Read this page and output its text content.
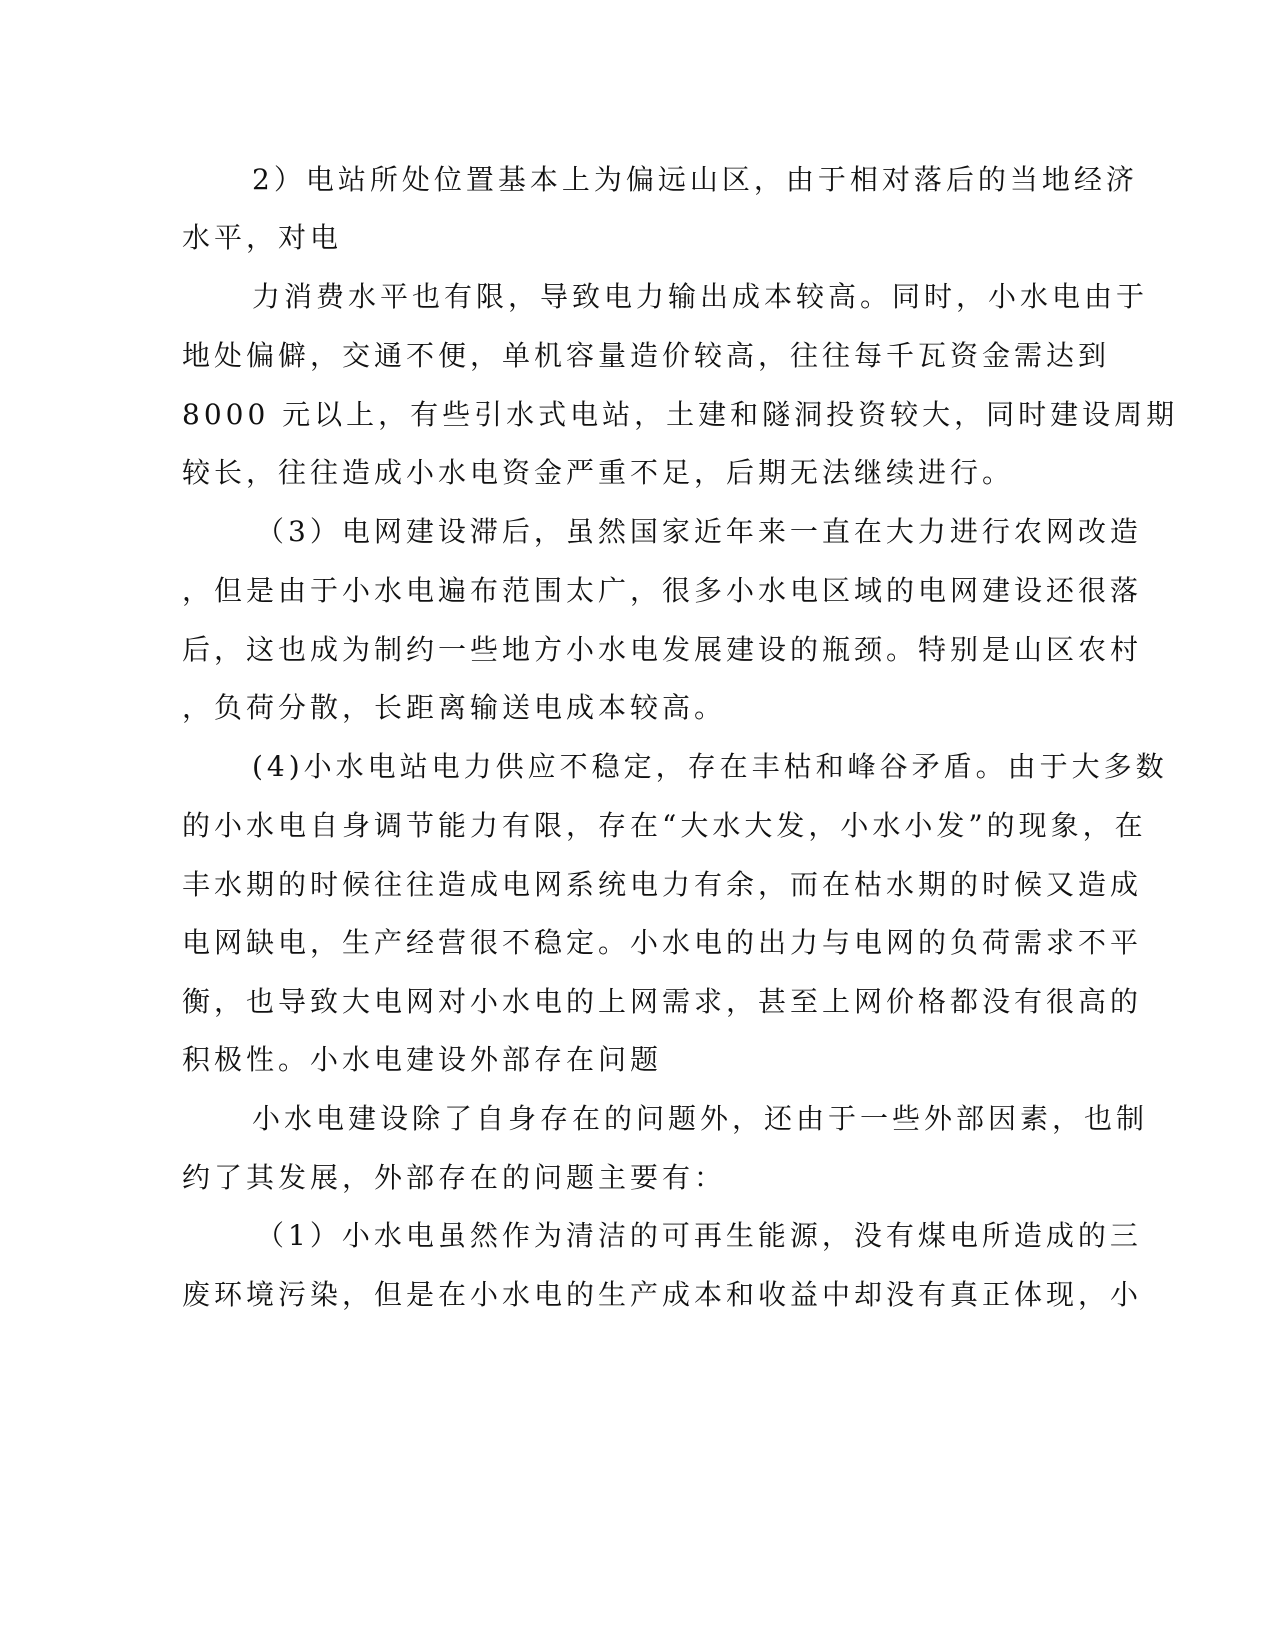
2）电站所处位置基本上为偏远山区，由于相对落后的当地经济
水平，对电
力消费水平也有限，导致电力输出成本较高。同时，小水电由于
地处偏僻，交通不便，单机容量造价较高，往往每千瓦资金需达到
8000 元以上，有些引水式电站，土建和隧洞投资较大，同时建设周期
较长，往往造成小水电资金严重不足，后期无法继续进行。
（3）电网建设滞后，虽然国家近年来一直在大力进行农网改造
，但是由于小水电遍布范围太广，很多小水电区域的电网建设还很落
后，这也成为制约一些地方小水电发展建设的瓶颈。特别是山区农村
，负荷分散，长距离输送电成本较高。
(4)小水电站电力供应不稳定，存在丰枯和峰谷矛盾。由于大多数
的小水电自身调节能力有限，存在“大水大发，小水小发”的现象，在
丰水期的时候往往造成电网系统电力有余，而在枯水期的时候又造成
电网缺电，生产经营很不稳定。小水电的出力与电网的负荷需求不平
衡，也导致大电网对小水电的上网需求，甚至上网价格都没有很高的
积极性。小水电建设外部存在问题
小水电建设除了自身存在的问题外，还由于一些外部因素，也制
约了其发展，外部存在的问题主要有：
（1）小水电虽然作为清洁的可再生能源，没有煤电所造成的三
废环境污染，但是在小水电的生产成本和收益中却没有真正体现，小
